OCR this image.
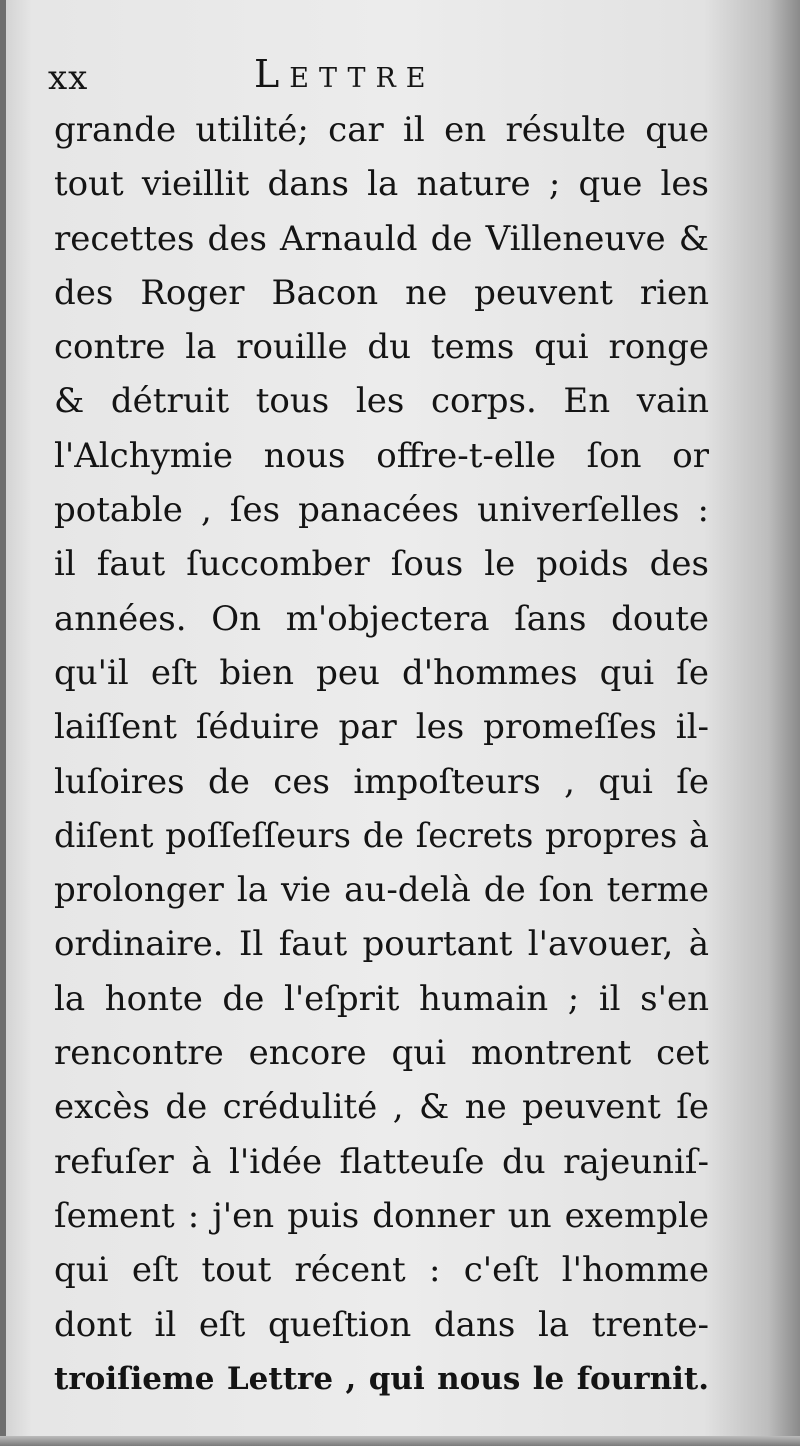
xx	Lettre
grande utilité; car il en résulte que
tout vieillit dans la nature ; que les
recettes des Arnauld de Villeneuve &
des Roger Bacon ne peuvent rien
contre la rouille du tems qui ronge
& détruit tous les corps. En vain
l'Alchymie nous offre-t-elle ſon or
potable , ſes panacées univerſelles :
il faut ſuccomber ſous le poids des
années. On m'objectera ſans doute
qu'il eſt bien peu d'hommes qui ſe
laiſſent ſéduire par les promeſſes il-
luſoires de ces impoſteurs , qui ſe
diſent poſſeſſeurs de ſecrets propres à
prolonger la vie au-delà de ſon terme
ordinaire. Il faut pourtant l'avouer, à
la honte de l'eſprit humain ; il s'en
rencontre encore qui montrent cet
excès de crédulité , & ne peuvent ſe
refuſer à l'idée flatteuſe du rajeuniſ-
ſement : j'en puis donner un exemple
qui eſt tout récent : c'eſt l'homme
dont il eſt queſtion dans la trente-
troiſieme Lettre , qui nous le fournit.
